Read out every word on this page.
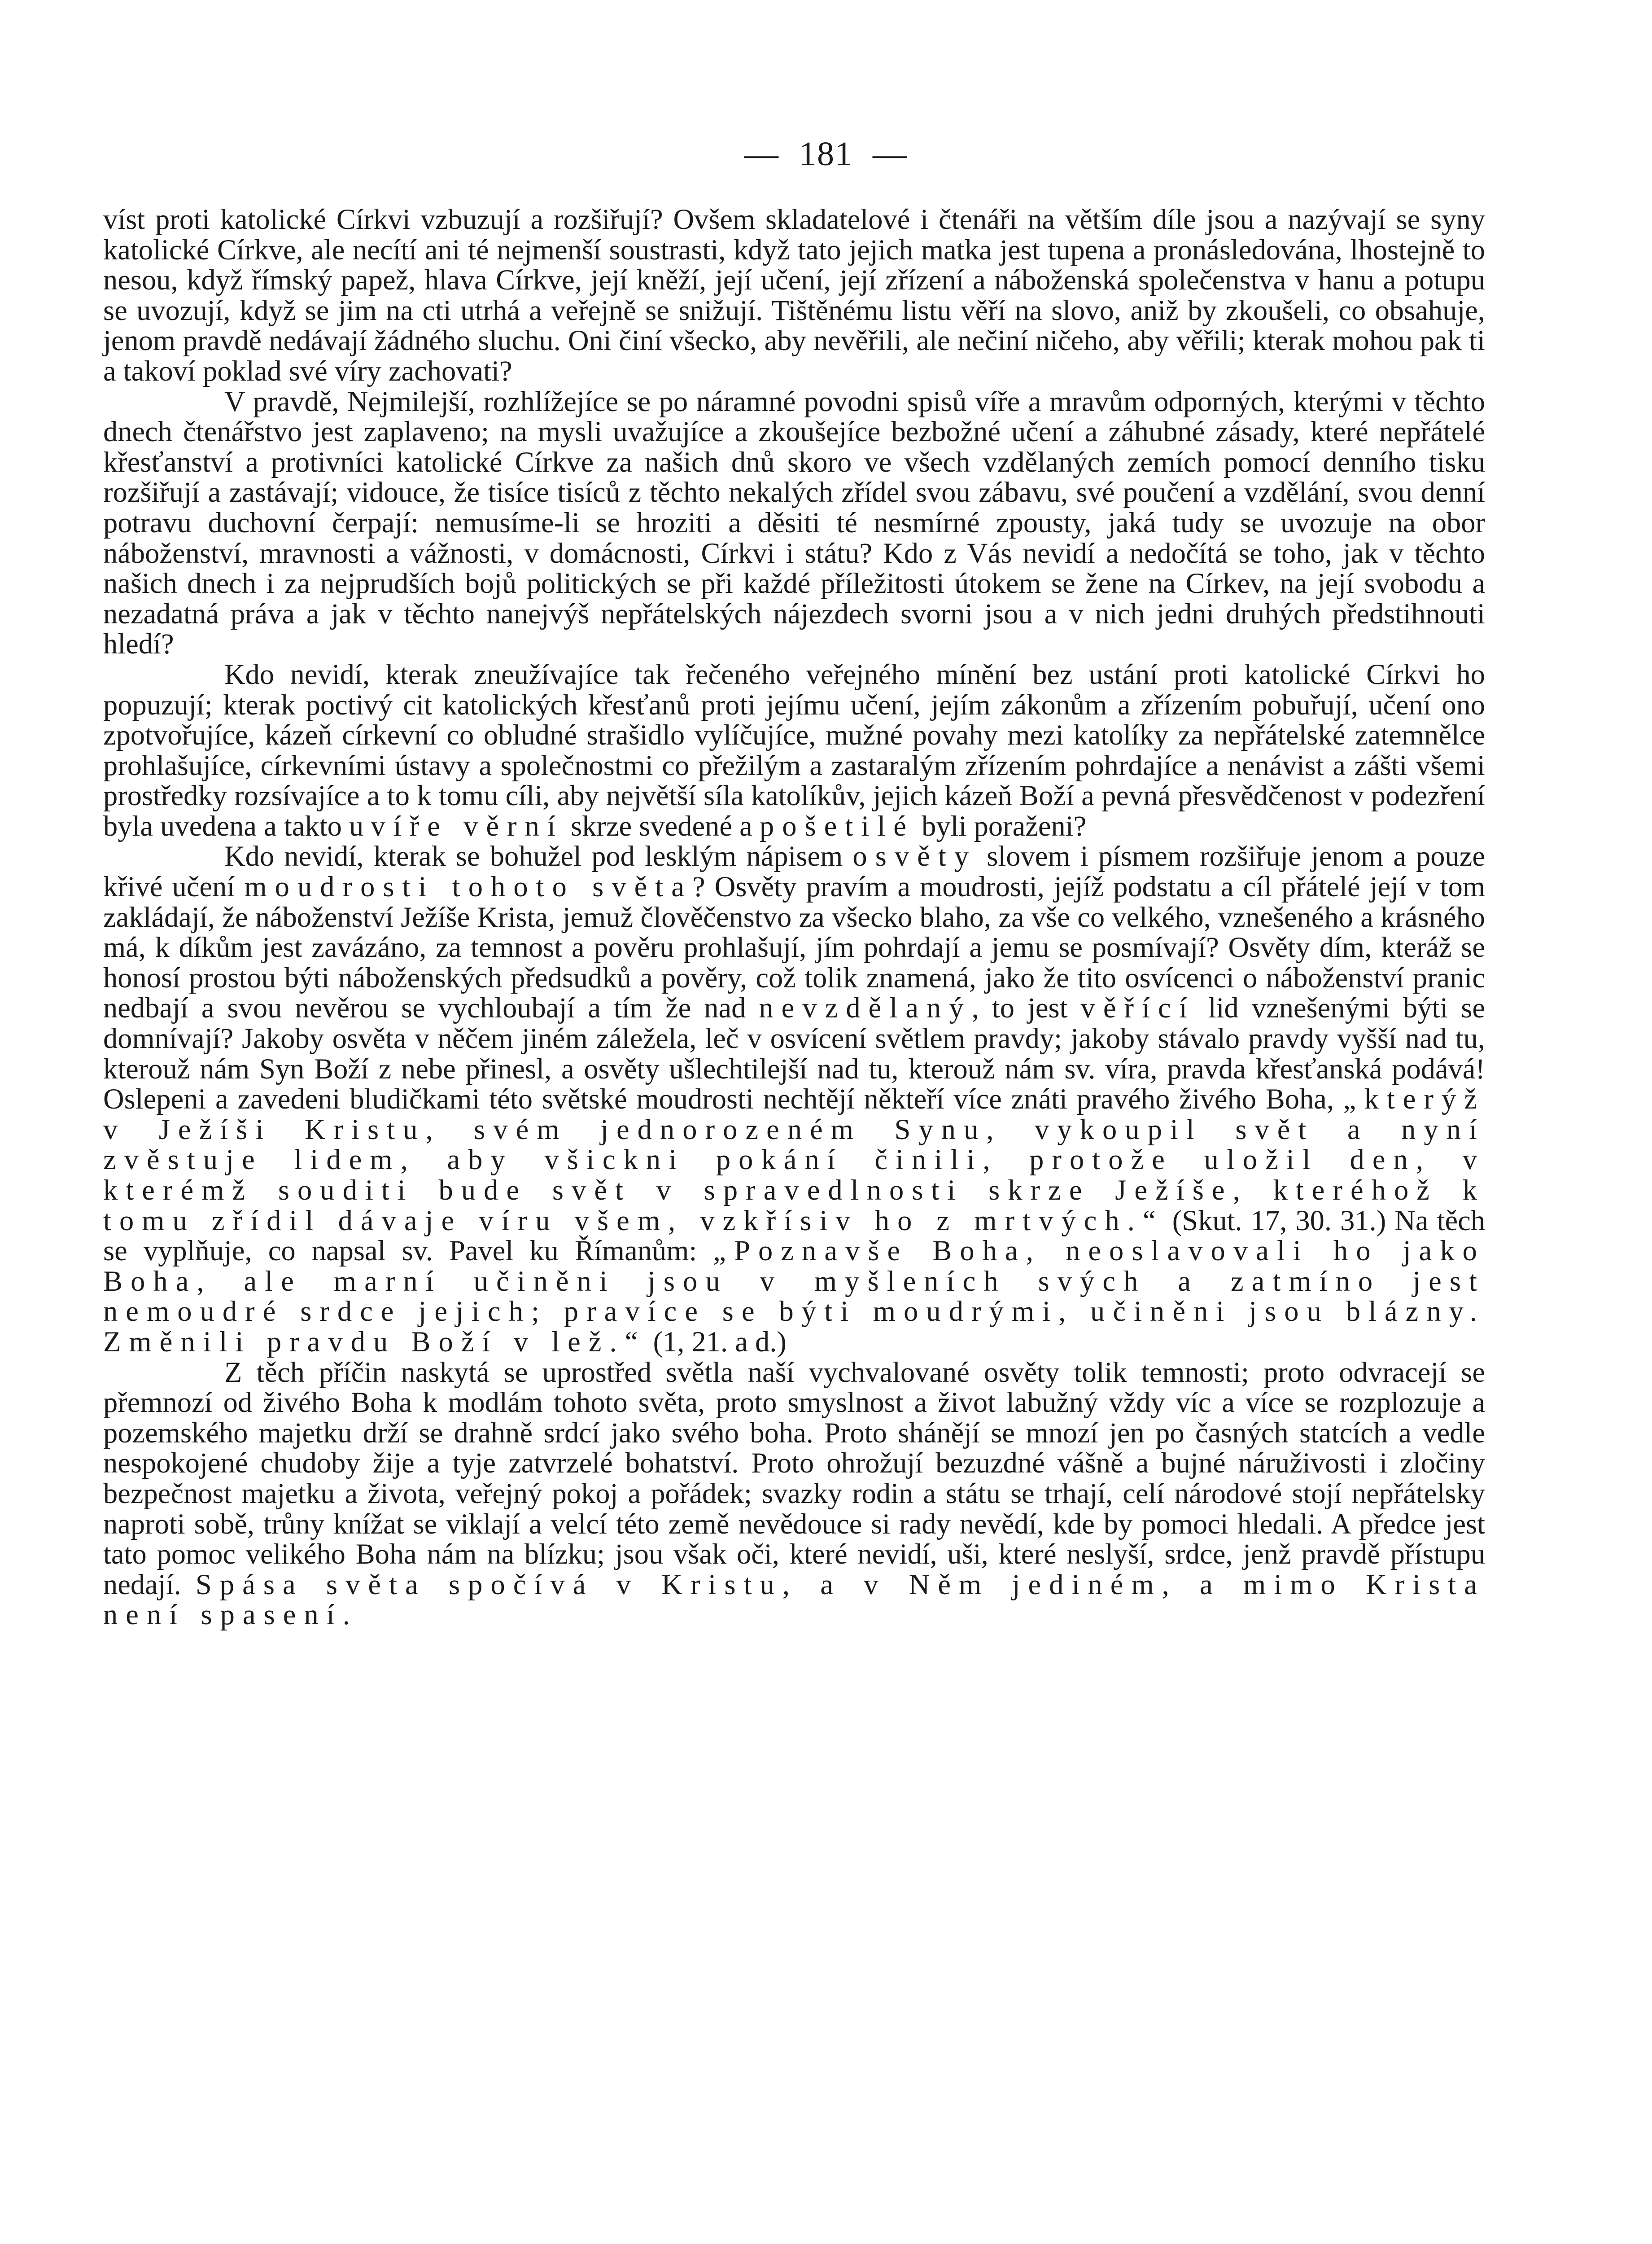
— 181 —

víst proti katolické Církvi vzbuzují a rozšiřují? Ovšem skladatelové i čtenáři na větším díle jsou a nazývají se syny katolické Církve, ale necítí ani té nejmenší soustrasti, když tato jejich matka jest tupena a pronásledována, lhostejně to nesou, když římský papež, hlava Církve, její kněží, její učení, její zřízení a náboženská společenstva v hanu a potupu se uvozují, když se jim na cti utrhá a veřejně se snižují. Tištěnému listu věří na slovo, aniž by zkoušeli, co obsahuje, jenom pravdě nedávají žádného sluchu. Oni činí všecko, aby nevěřili, ale nečiní ničeho, aby věřili; kterak mohou pak ti a takoví poklad své víry zachovati?

V pravdě, Nejmilejší, rozhlížejíce se po náramné povodni spisů víře a mravům odporných, kterými v těchto dnech čtenářstvo jest zaplaveno; na mysli uvažujíce a zkoušejíce bezbožné učení a záhubné zásady, které nepřátelé křesťanství a protivníci katolické Církve za našich dnů skoro ve všech vzdělaných zemích pomocí denního tisku rozšiřují a zastávají; vidouce, že tisíce tisíců z těchto nekalých zřídel svou zábavu, své poučení a vzdělání, svou denní potravu duchovní čerpají: nemusíme-li se hroziti a děsiti té nesmírné zpousty, jaká tudy se uvozuje na obor náboženství, mravnosti a vážnosti, v domácnosti, Církvi i státu? Kdo z Vás nevidí a nedočítá se toho, jak v těchto našich dnech i za nejprudších bojů politických se při každé příležitosti útokem se žene na Církev, na její svobodu a nezadatná práva a jak v těchto nanejvýš nepřátelských nájezdech svorni jsou a v nich jedni druhých předstihnouti hledí?

Kdo nevidí, kterak zneužívajíce tak řečeného veřejného mínění bez ustání proti katolické Církvi ho popuzují; kterak poctivý cit katolických křesťanů proti jejímu učení, jejím zákonům a zřízením pobuřují, učení ono zpotvořujíce, kázeň církevní co obludné strašidlo vylíčujíce, mužné povahy mezi katolíky za nepřátelské zatemnělce prohlašujíce, církevními ústavy a společnostmi co přežilým a zastaralým zřízením pohrdajíce a nenávist a zášti všemi prostředky rozsívajíce a to k tomu cíli, aby největší síla katolíkův, jejich kázeň Boží a pevná přesvědčenost v podezření byla uvedena a takto u víře věrní skrze svedené a pošetilé byli poraženi?

Kdo nevidí, kterak se bohužel pod lesklým nápisem osvěty slovem i písmem rozšiřuje jenom a pouze křivé učení moudrosti tohoto světa? Osvěty pravím a moudrosti, jejíž podstatu a cíl přátelé její v tom zakládají, že náboženství Ježíše Krista, jemuž člověčenstvo za všecko blaho, za vše co velkého, vznešeného a krásného má, k díkům jest zavázáno, za temnost a pověru prohlašují, jím pohrdají a jemu se posmívají? Osvěty dím, kteráž se honosí prostou býti náboženských předsudků a pověry, což tolik znamená, jako že tito osvícenci o náboženství pranic nedbají a svou nevěrou se vychloubají a tím že nad nevzdělaný, to jest věřící lid vznešenými býti se domnívají? Jakoby osvěta v něčem jiném záležela, leč v osvícení světlem pravdy; jakoby stávalo pravdy vyšší nad tu, kterouž nám Syn Boží z nebe přinesl, a osvěty ušlechtilejší nad tu, kterouž nám sv. víra, pravda křesťanská podává! Oslepeni a zavedeni bludičkami této světské moudrosti nechtějí někteří více znáti pravého živého Boha, „kterýž v Ježíši Kristu, svém jednorozeném Synu, vykoupil svět a nyní zvěstuje lidem, aby všickni pokání činili, protože uložil den, v kterémž souditi bude svět v spravedlnosti skrze Ježíše, kteréhož k tomu zřídil dávaje víru všem, vzkřísiv ho z mrtvých.“ (Skut. 17, 30. 31.) Na těch se vyplňuje, co napsal sv. Pavel ku Římanům: „Poznavše Boha, neoslavovali ho jako Boha, ale marní učiněni jsou v myšleních svých a zatmíno jest nemoudré srdce jejich; pravíce se býti moudrými, učiněni jsou blázny. Změnili pravdu Boží v lež.“ (1, 21. a d.)

Z těch příčin naskytá se uprostřed světla naší vychvalované osvěty tolik temnosti; proto odvracejí se přemnozí od živého Boha k modlám tohoto světa, proto smyslnost a život labužný vždy víc a více se rozplozuje a pozemského majetku drží se drahně srdcí jako svého boha. Proto shánějí se mnozí jen po časných statcích a vedle nespokojené chudoby žije a tyje zatvrzelé bohatství. Proto ohrožují bezuzdné vášně a bujné náruživosti i zločiny bezpečnost majetku a života, veřejný pokoj a pořádek; svazky rodin a státu se trhají, celí národové stojí nepřátelsky naproti sobě, trůny knížat se viklají a velcí této země nevědouce si rady nevědí, kde by pomoci hledali. A předce jest tato pomoc velikého Boha nám na blízku; jsou však oči, které nevidí, uši, které neslyší, srdce, jenž pravdě přístupu nedají. Spása světa spočívá v Kristu, a v Něm jediném, a mimo Krista není spasení.
